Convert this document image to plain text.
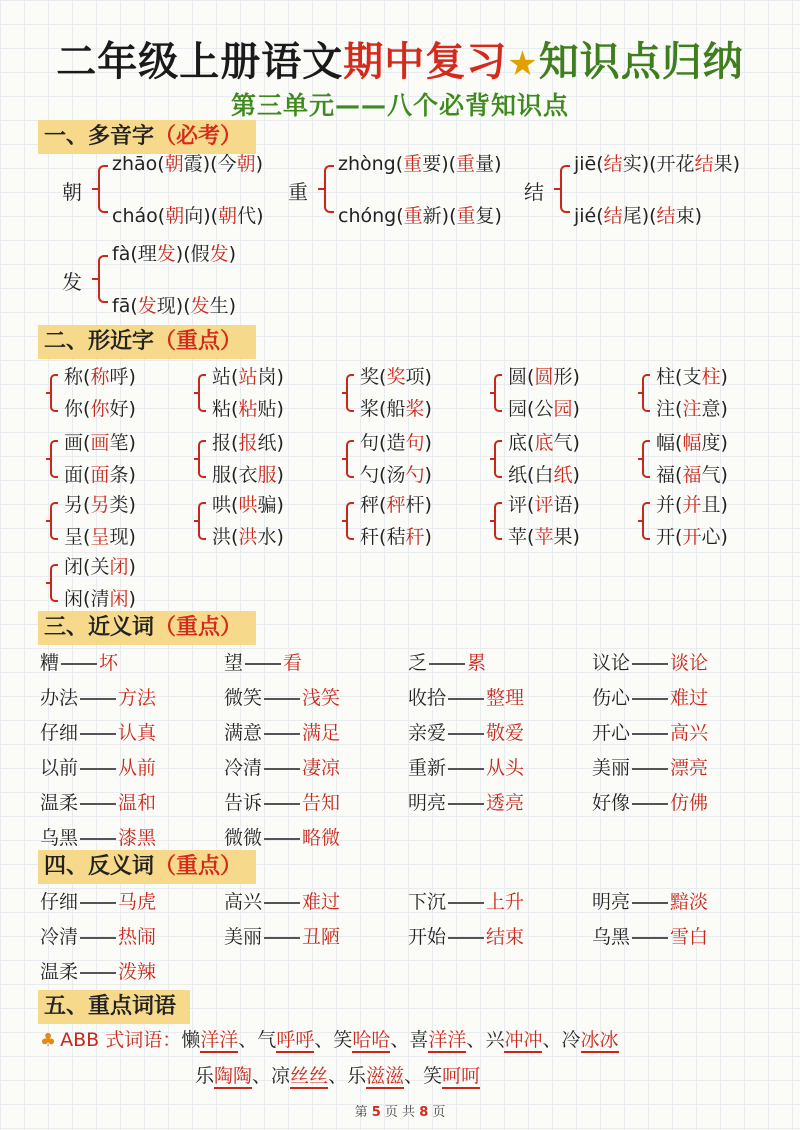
二年级上册语文期中复习★知识点归纳
第三单元——八个必背知识点
一、多音字（必考）
二、形近字（重点）
三、近义词（重点）
四、反义词（重点）
五、重点词语
朝
zhāo(朝霞)(今朝)
cháo(朝向)(朝代)
重
zhòng(重要)(重量)
chóng(重新)(重复)
结
jiē(结实)(开花结果)
jié(结尾)(结束)
发
fà(理发)(假发)
fā(发现)(发生)
称(称呼)
你(你好)
站(站岗)
粘(粘贴)
奖(奖项)
桨(船桨)
圆(圆形)
园(公园)
柱(支柱)
注(注意)
画(画笔)
面(面条)
报(报纸)
服(衣服)
句(造句)
勺(汤勺)
底(底气)
纸(白纸)
幅(幅度)
福(福气)
另(另类)
呈(呈现)
哄(哄骗)
洪(洪水)
秤(秤杆)
秆(秸秆)
评(评语)
苹(苹果)
并(并且)
开(开心)
闭(关闭)
闲(清闲)
糟 坏	望 看	乏 累	议论 谈论
办法 方法	微笑 浅笑	收拾 整理	伤心 难过
仔细 认真	满意 满足	亲爱 敬爱	开心 高兴
以前 从前	冷清 凄凉	重新 从头	美丽 漂亮
温柔 温和	告诉 告知	明亮 透亮	好像 仿佛
乌黑 漆黑	微微 略微
仔细 马虎	高兴 难过	下沉 上升	明亮 黯淡
冷清 热闹	美丽 丑陋	开始 结束	乌黑 雪白
温柔 泼辣
♣ ABB 式词语：懒洋洋、气呼呼、笑哈哈、喜洋洋、兴冲冲、冷冰冰
乐陶陶、凉丝丝、乐滋滋、笑呵呵
第 5 页 共 8 页
